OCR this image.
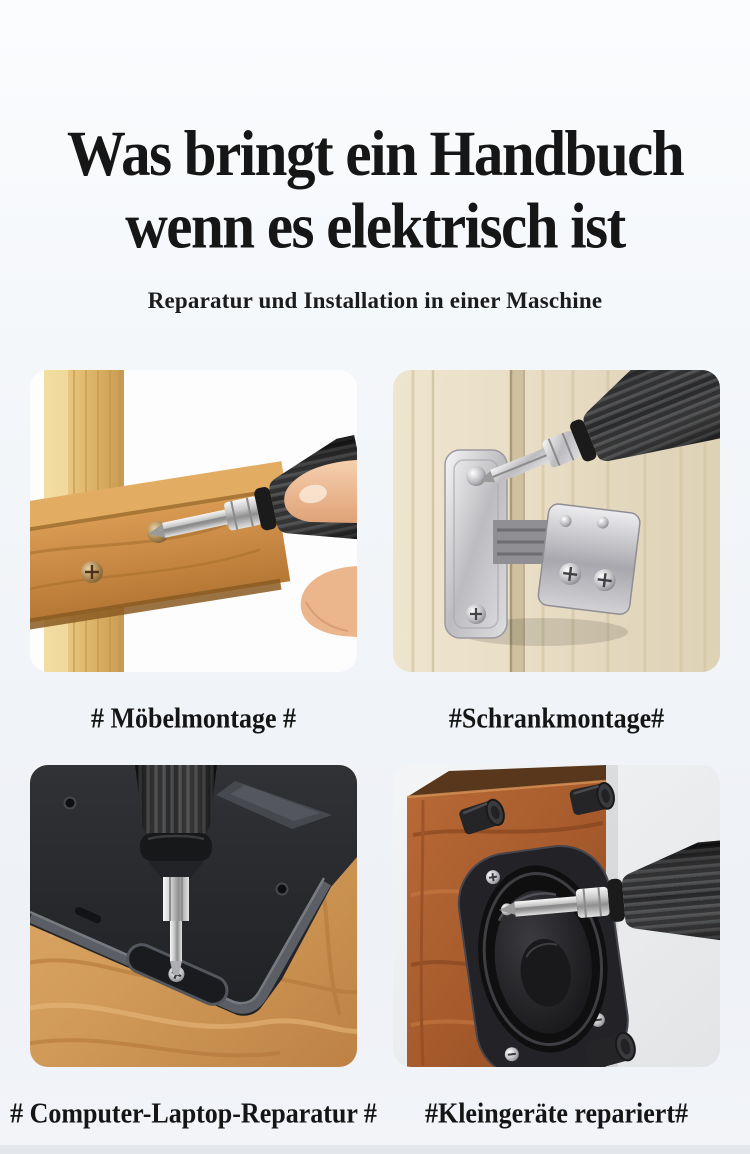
Was bringt ein Handbuch
wenn es elektrisch ist

Reparatur und Installation in einer Maschine

# Möbelmontage #	#Schrankmontage#
# Computer-Laptop-Reparatur #	#Kleingeräte repariert#
